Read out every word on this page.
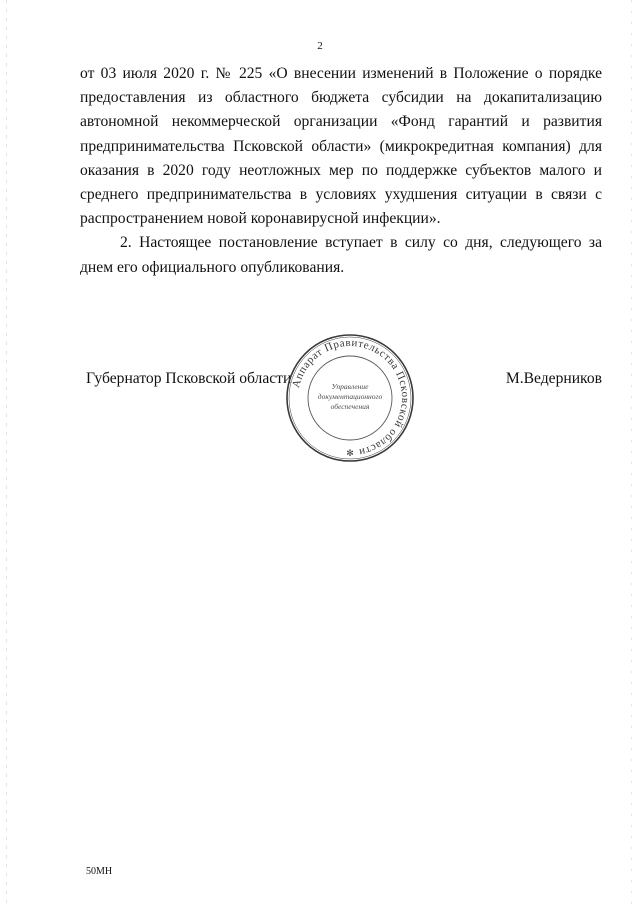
2

от 03 июля 2020 г. № 225 «О внесении изменений в Положение о порядке предоставления из областного бюджета субсидии на докапитализацию автономной некоммерческой организации «Фонд гарантий и развития предпринимательства Псковской области» (микрокредитная компания) для оказания в 2020 году неотложных мер по поддержке субъектов малого и среднего предпринимательства в условиях ухудшения ситуации в связи с распространением новой коронавирусной инфекции».

2. Настоящее постановление вступает в силу со дня, следующего за днем его официального опубликования.

Губернатор Псковской области	М.Ведерников
Аппарат Правительства Псковской области
Управление
документационного
обеспечения
✻
50МН
